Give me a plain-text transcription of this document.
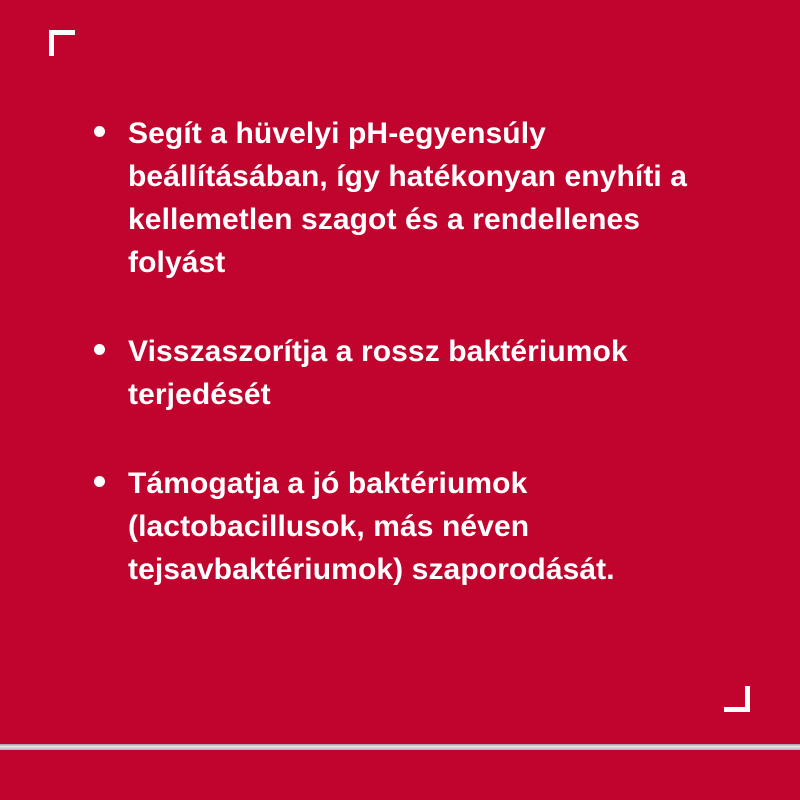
Segít a hüvelyi pH-egyensúly beállításában, így hatékonyan enyhíti a kellemetlen szagot és a rendellenes folyást
Visszaszorítja a rossz baktériumok terjedését
Támogatja a jó baktériumok (lactobacillusok, más néven tejsavbaktériumok) szaporodását.
